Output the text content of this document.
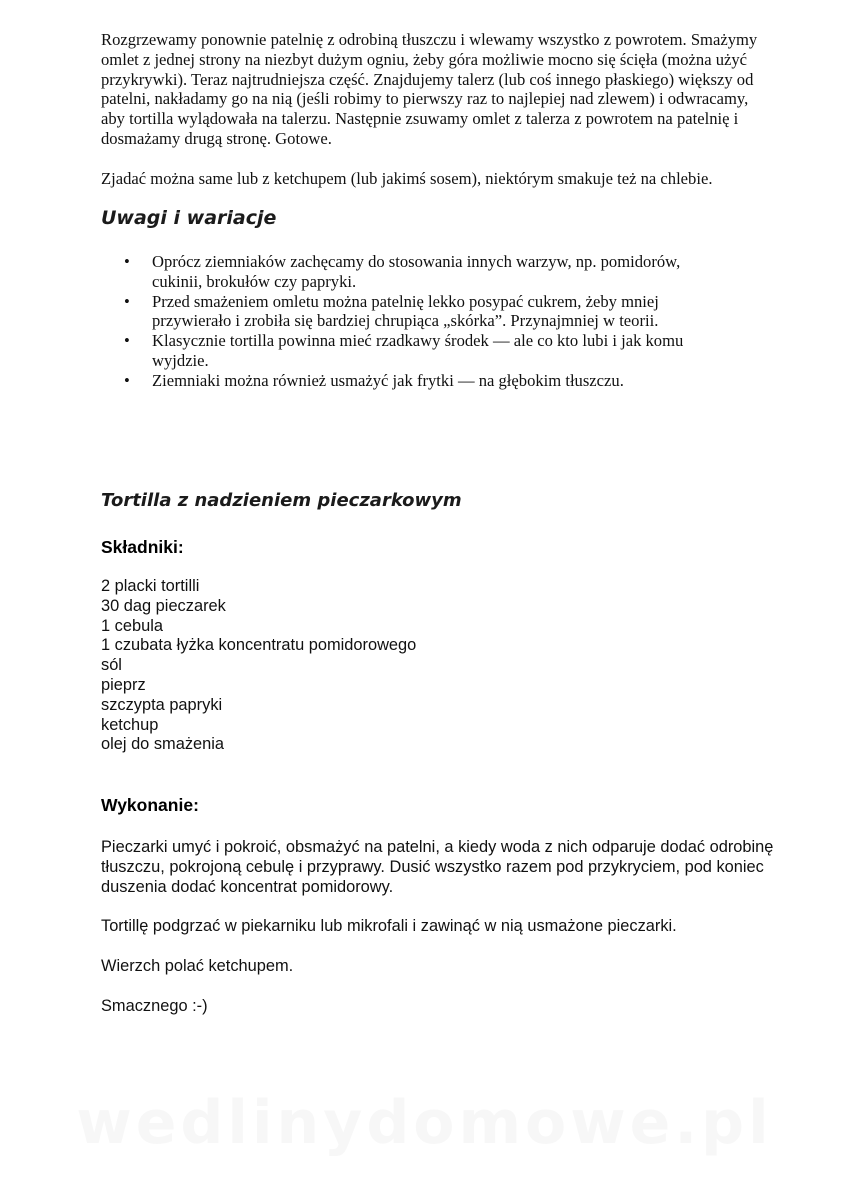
Rozgrzewamy ponownie patelnię z odrobiną tłuszczu i wlewamy wszystko z powrotem. Smażymy omlet z jednej strony na niezbyt dużym ogniu, żeby góra możliwie mocno się ścięła (można użyć przykrywki). Teraz najtrudniejsza część. Znajdujemy talerz (lub coś innego płaskiego) większy od patelni, nakładamy go na nią (jeśli robimy to pierwszy raz to najlepiej nad zlewem) i odwracamy, aby tortilla wylądowała na talerzu. Następnie zsuwamy omlet z talerza z powrotem na patelnię i dosmażamy drugą stronę. Gotowe.

Zjadać można same lub z ketchupem (lub jakimś sosem), niektórym smakuje też na chlebie.

Uwagi i wariacje
• Oprócz ziemniaków zachęcamy do stosowania innych warzyw, np. pomidorów, cukinii, brokułów czy papryki.
• Przed smażeniem omletu można patelnię lekko posypać cukrem, żeby mniej przywierało i zrobiła się bardziej chrupiąca „skórka”. Przynajmniej w teorii.
• Klasycznie tortilla powinna mieć rzadkawy środek — ale co kto lubi i jak komu wyjdzie.
• Ziemniaki można również usmażyć jak frytki — na głębokim tłuszczu.
Tortilla z nadzieniem pieczarkowym
Składniki:
2 placki tortilli
30 dag pieczarek
1 cebula
1 czubata łyżka koncentratu pomidorowego
sól
pieprz
szczypta papryki
ketchup
olej do smażenia
Wykonanie:

Pieczarki umyć i pokroić, obsmażyć na patelni, a kiedy woda z nich odparuje dodać odrobinę tłuszczu, pokrojoną cebulę i przyprawy. Dusić wszystko razem pod przykryciem, pod koniec duszenia dodać koncentrat pomidorowy.

Tortillę podgrzać w piekarniku lub mikrofali i zawinąć w nią usmażone pieczarki.

Wierzch polać ketchupem.

Smacznego :-)

wedlinydomowe.pl
